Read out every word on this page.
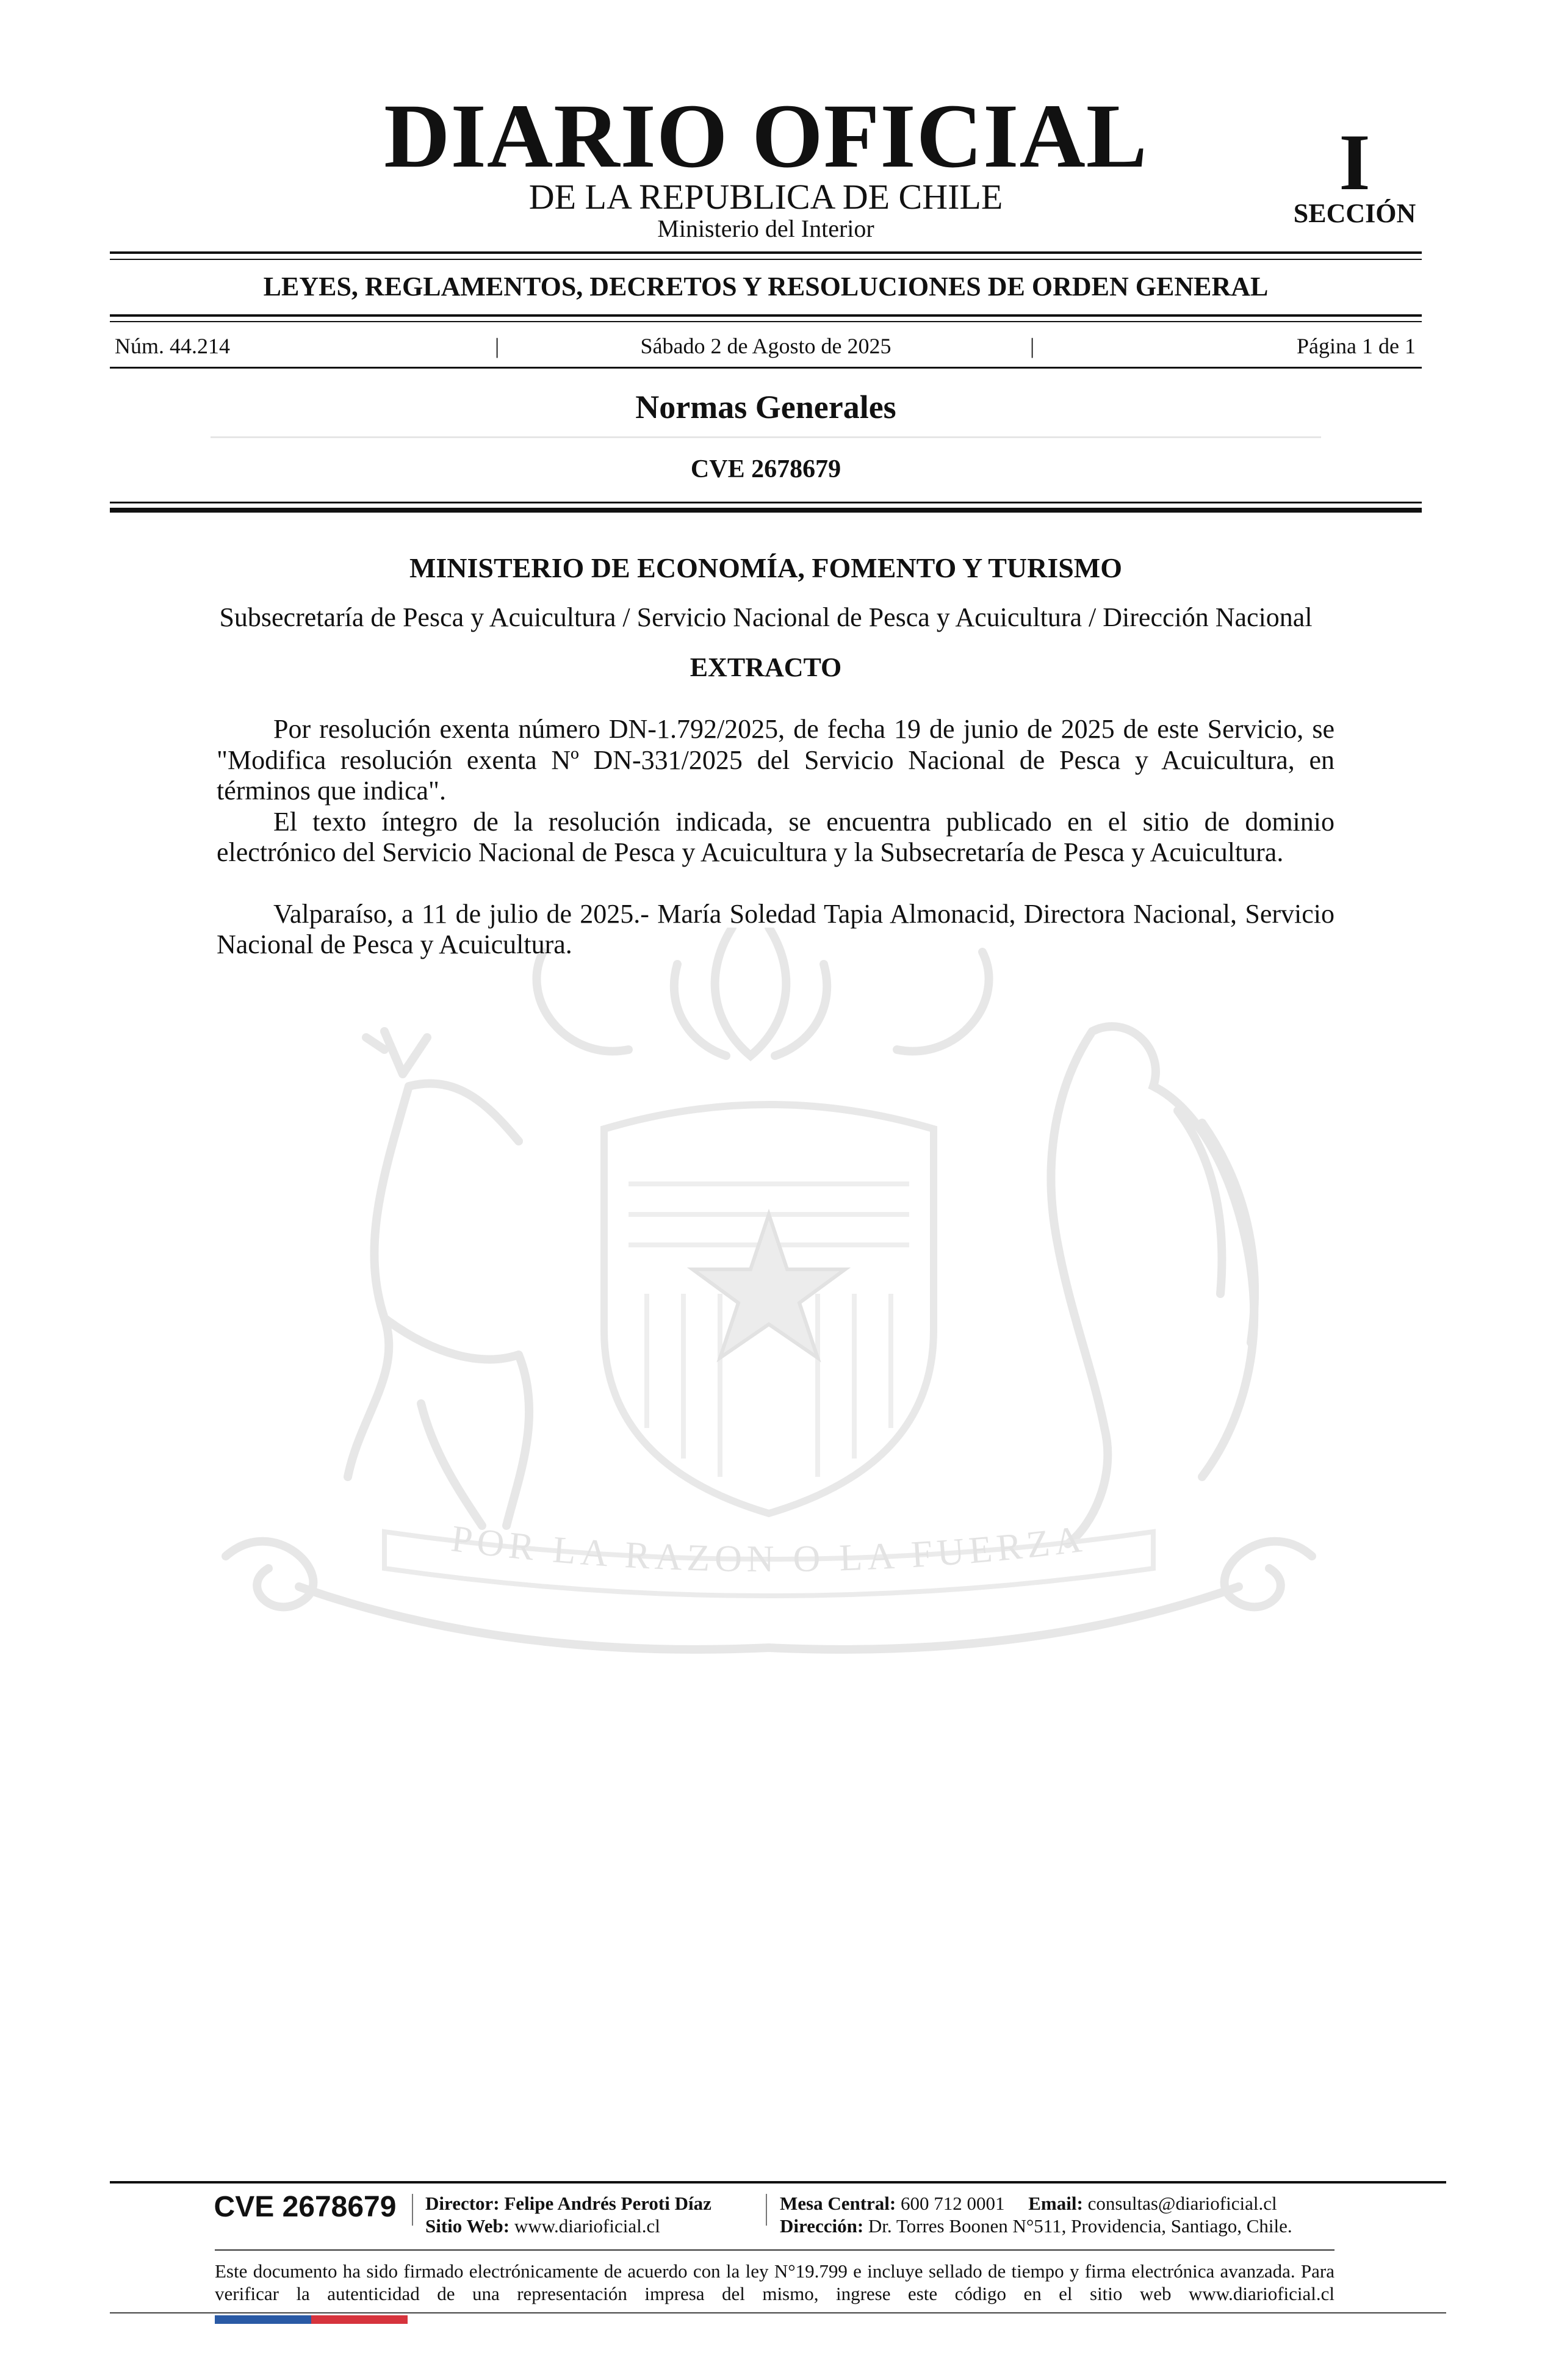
DIARIO OFICIAL
DE LA REPUBLICA DE CHILE
Ministerio del Interior
I
SECCIÓN
LEYES, REGLAMENTOS, DECRETOS Y RESOLUCIONES DE ORDEN GENERAL
Núm. 44.214	|	Sábado 2 de Agosto de 2025	|	Página 1 de 1
Normas Generales
CVE 2678679
POR LA RAZON O LA FUERZA
MINISTERIO DE ECONOMÍA, FOMENTO Y TURISMO
Subsecretaría de Pesca y Acuicultura / Servicio Nacional de Pesca y Acuicultura / Dirección Nacional
EXTRACTO

Por resolución exenta número DN-1.792/2025, de fecha 19 de junio de 2025 de este Servicio, se "Modifica resolución exenta Nº DN-331/2025 del Servicio Nacional de Pesca y Acuicultura, en términos que indica".

El texto íntegro de la resolución indicada, se encuentra publicado en el sitio de dominio electrónico del Servicio Nacional de Pesca y Acuicultura y la Subsecretaría de Pesca y Acuicultura.

Valparaíso, a 11 de julio de 2025.- María Soledad Tapia Almonacid, Directora Nacional, Servicio Nacional de Pesca y Acuicultura.

CVE 2678679	Director: Felipe Andrés Peroti Díaz
Sitio Web: www.diarioficial.cl
Mesa Central: 600 712 0001 Email: consultas@diarioficial.cl
Dirección: Dr. Torres Boonen N°511, Providencia, Santiago, Chile.
Este documento ha sido firmado electrónicamente de acuerdo con la ley N°19.799 e incluye sellado de tiempo y firma electrónica avanzada. Para verificar la autenticidad de una representación impresa del mismo, ingrese este código en el sitio web www.diarioficial.cl
